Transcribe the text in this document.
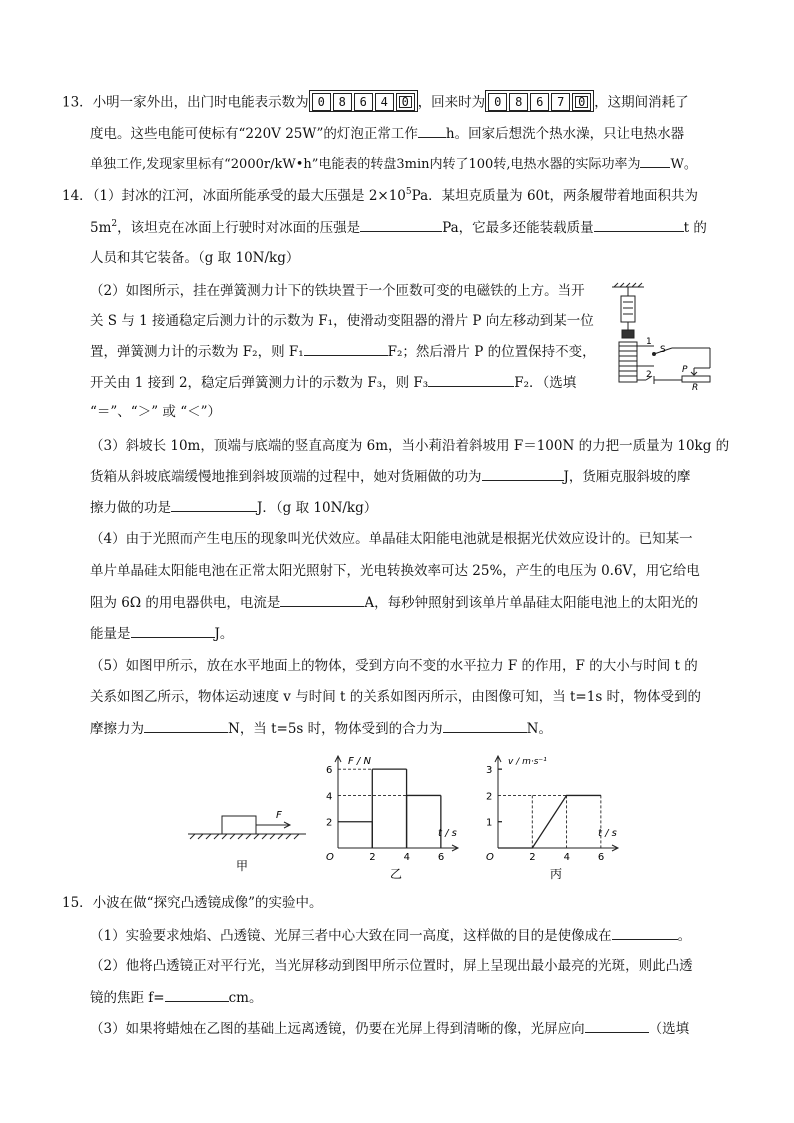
13．小明一家外出，出门时电能表示数为 0 8 6 4 0 ，回来时为 0 8 6 7 0 ，这期间消耗了
度电。这些电能可使标有“220V 25W”的灯泡正常工作 h。回家后想洗个热水澡，只让电热水器
单独工作,发现家里标有“2000r/kW•h”电能表的转盘3min内转了100转,电热水器的实际功率为 W。
14．（1）封冰的江河，冰面所能承受的最大压强是 $2\times 10^5Pa$．某坦克质量为 60t，两条履带着地面积共为
$5m^2$，该坦克在冰面上行驶时对冰面的压强是	Pa，它最多还能装载质量	t 的
人员和其它装备。（g 取 10N/kg）
（2）如图所示，挂在弹簧测力计下的铁块置于一个匝数可变的电磁铁的上方。当开
关 S 与 1 接通稳定后测力计的示数为 F₁，使滑动变阻器的滑片 P 向左移动到某一位
置，弹簧测力计的示数为 F₂，则 F₁	F₂；然后滑片 P 的位置保持不变，
开关由 1 接到 2，稳定后弹簧测力计的示数为 F₃，则 F₃	F₂．（选填
“＝”、“＞” 或 “＜”）
1
2
S
P
R
（3）斜坡长 10m，顶端与底端的竖直高度为 6m，当小莉沿着斜坡用 F＝100N 的力把一质量为 10kg 的
货箱从斜坡底端缓慢地推到斜坡顶端的过程中，她对货厢做的功为	J，货厢克服斜坡的摩
擦力做的功是	J．（g 取 10N/kg）
（4）由于光照而产生电压的现象叫光伏效应。单晶硅太阳能电池就是根据光伏效应设计的。已知某一
单片单晶硅太阳能电池在正常太阳光照射下，光电转换效率可达 25%，产生的电压为 0.6V，用它给电
阻为 6Ω 的用电器供电，电流是	A，每秒钟照射到该单片单晶硅太阳能电池上的太阳光的
能量是	J。
（5）如图甲所示，放在水平地面上的物体，受到方向不变的水平拉力 F 的作用，F 的大小与时间 t 的
关系如图乙所示，物体运动速度 v 与时间 t 的关系如图丙所示，由图像可知，当 t=1s 时，物体受到的
摩擦力为	N，当 t=5s 时，物体受到的合力为	N。
F
甲
2	4	6
2
4
6
F / N
t / s
O
乙
2	4	6
1
2
3
v / m·s⁻¹
t / s
O
丙
15．小波在做“探究凸透镜成像”的实验中。
（1）实验要求烛焰、凸透镜、光屏三者中心大致在同一高度，这样做的目的是使像成在	。
（2）他将凸透镜正对平行光，当光屏移动到图甲所示位置时，屏上呈现出最小最亮的光斑，则此凸透
镜的焦距 f=	cm。
（3）如果将蜡烛在乙图的基础上远离透镜，仍要在光屏上得到清晰的像，光屏应向	（选填
